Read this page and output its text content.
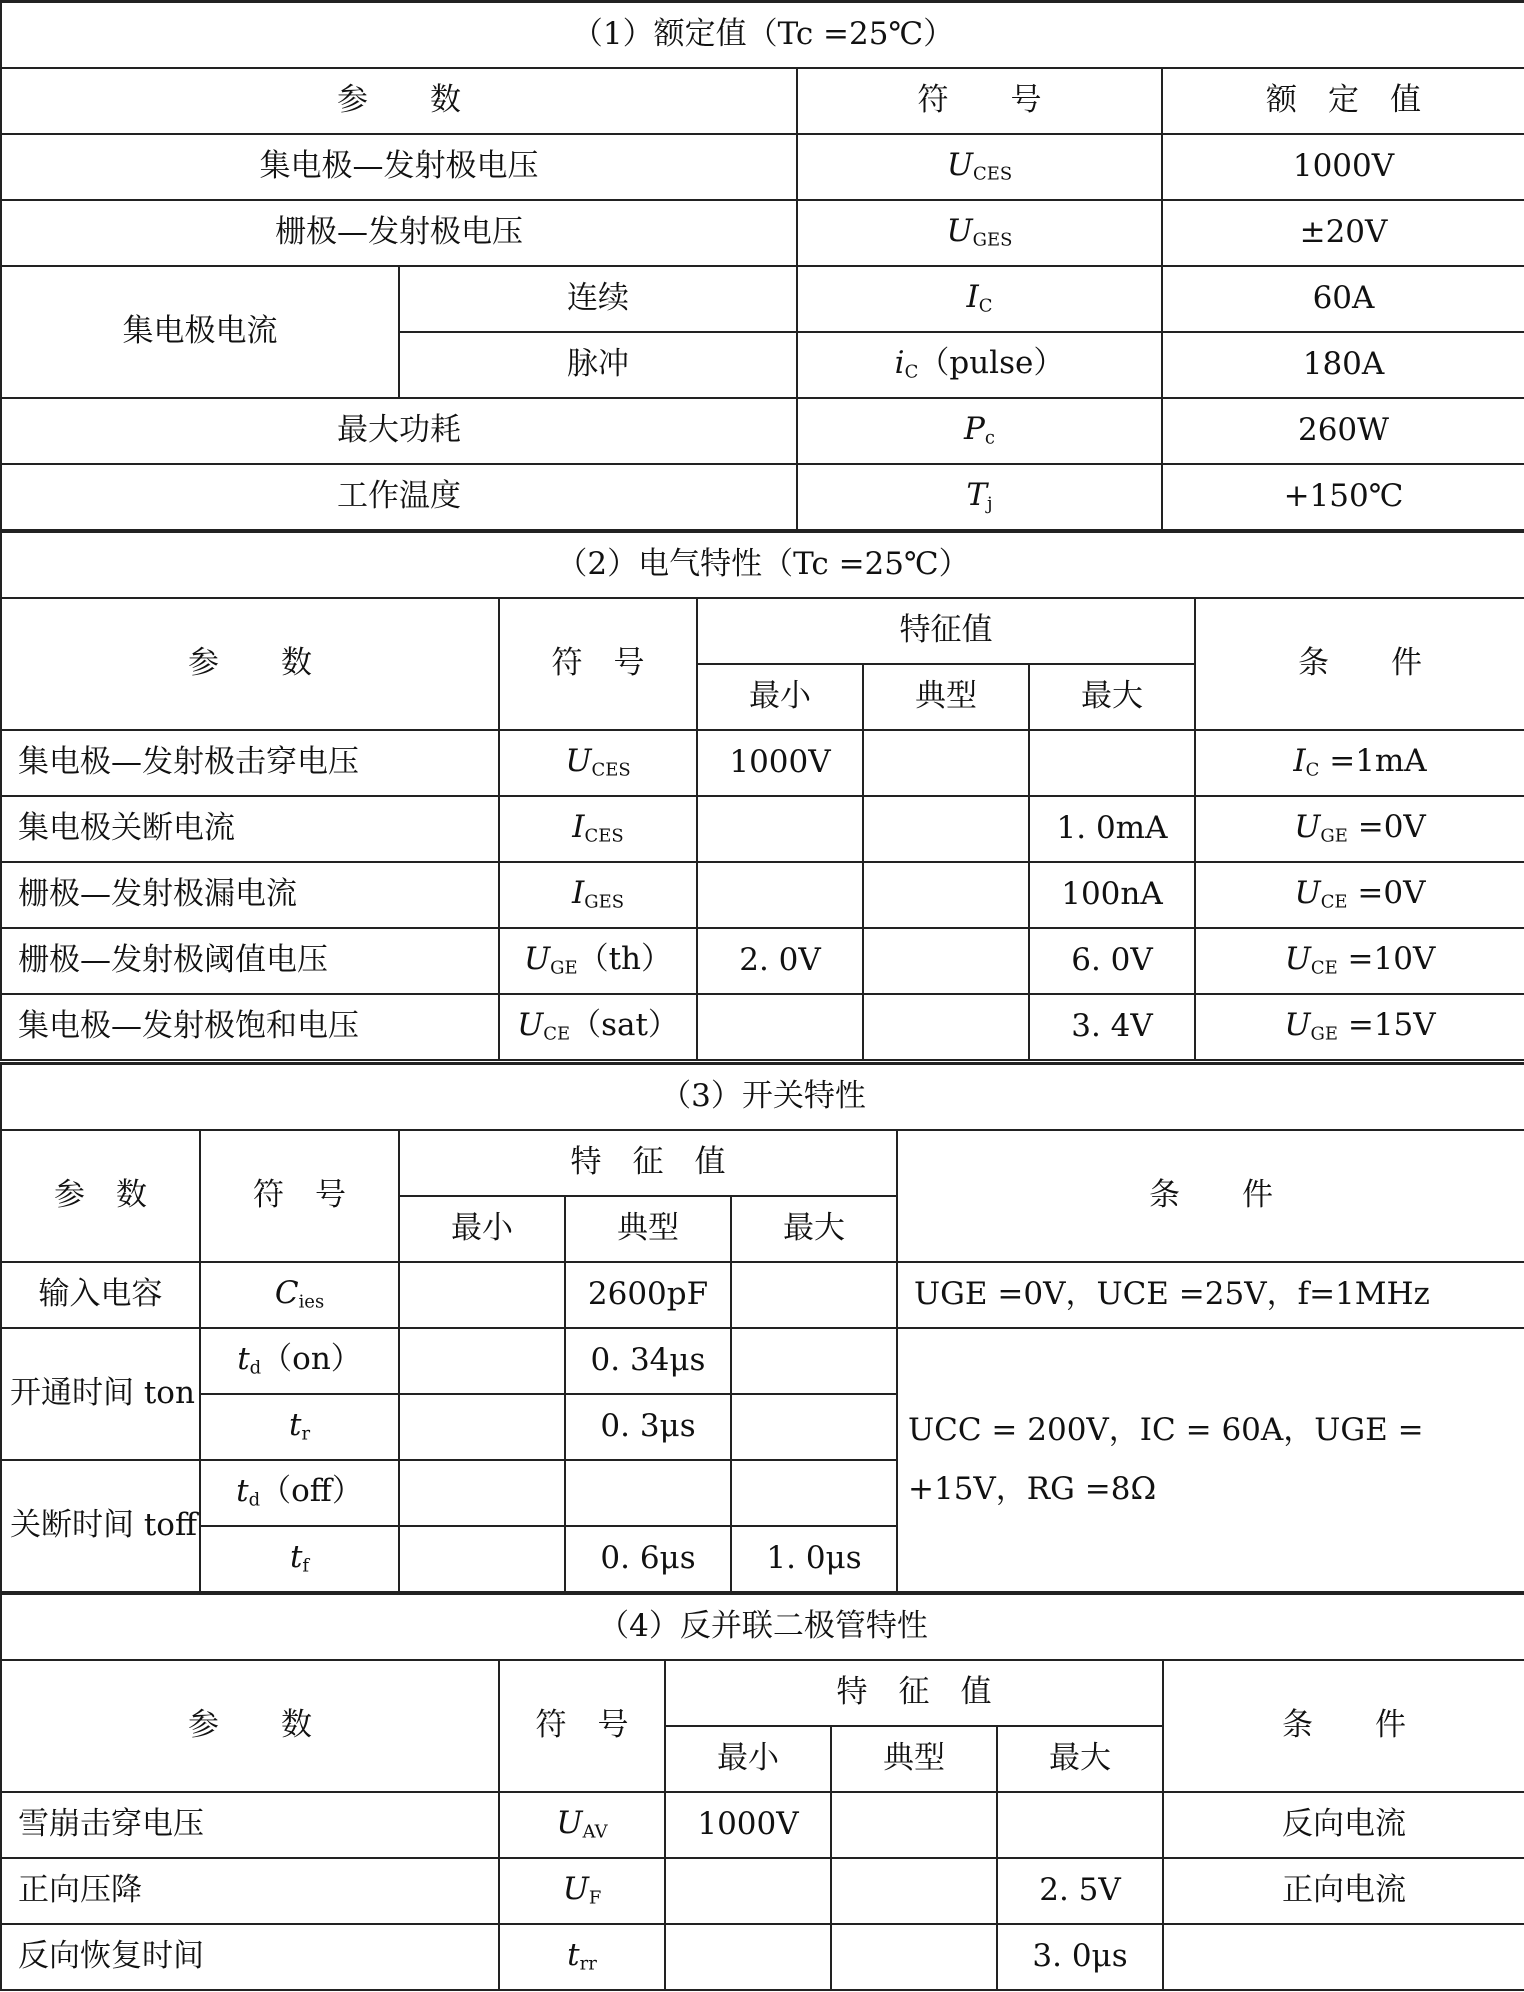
（1）额定值（Tc =25℃）			
参　　数		符　　号	额　定　值
集电极—发射极电压		$U_{CES}$	1000V
栅极—发射极电压		$U_{GES}$	±20V
集电极电流	连续	$I_C$	60A
	脉冲	$i_C(pulse)$	180A
最大功耗		$P_c$	260W
工作温度		$T_j$	+150℃
（2）电气特性（Tc =25℃）					
参　　数	符　号	特征值			条　　件
		最小	典型	最大	
集电极—发射极击穿电压	$U_{CES}$	1000V			$I_C =1mA$
集电极关断电流	$I_{CES}$			1. 0mA	$U_{GE} =0V$
栅极—发射极漏电流	$I_{GES}$			100nA	$U_{CE} =0V$
栅极—发射极阈值电压	$U_{GE}(th)$	2. 0V		6. 0V	$U_{CE} =10V$
集电极—发射极饱和电压	$U_{CE}(sat)$			3. 4V	$U_{GE} =15V$
（3）开关特性					
参　数	符　号	特　征　值			条　　件
		最小	典型	最大	
输入电容	$C_{ies}$		2600pF		UGE =0V，UCE =25V，f=1MHz
开通时间 ton	$t_d(on)$		0. 34μs		UCC = 200V，IC = 60A，UGE = +15V，RG =8Ω
	$t_r$		0. 3μs		
关断时间 toff	$t_d(off)$				
	$t_f$		0. 6μs	1. 0μs	
（4）反并联二极管特性					
参　　数	符　号	特　征　值			条　　件
		最小	典型	最大	
雪崩击穿电压	$U_{AV}$	1000V			反向电流
正向压降	$U_F$			2. 5V	正向电流
反向恢复时间	$t_{rr}$			3. 0μs	
